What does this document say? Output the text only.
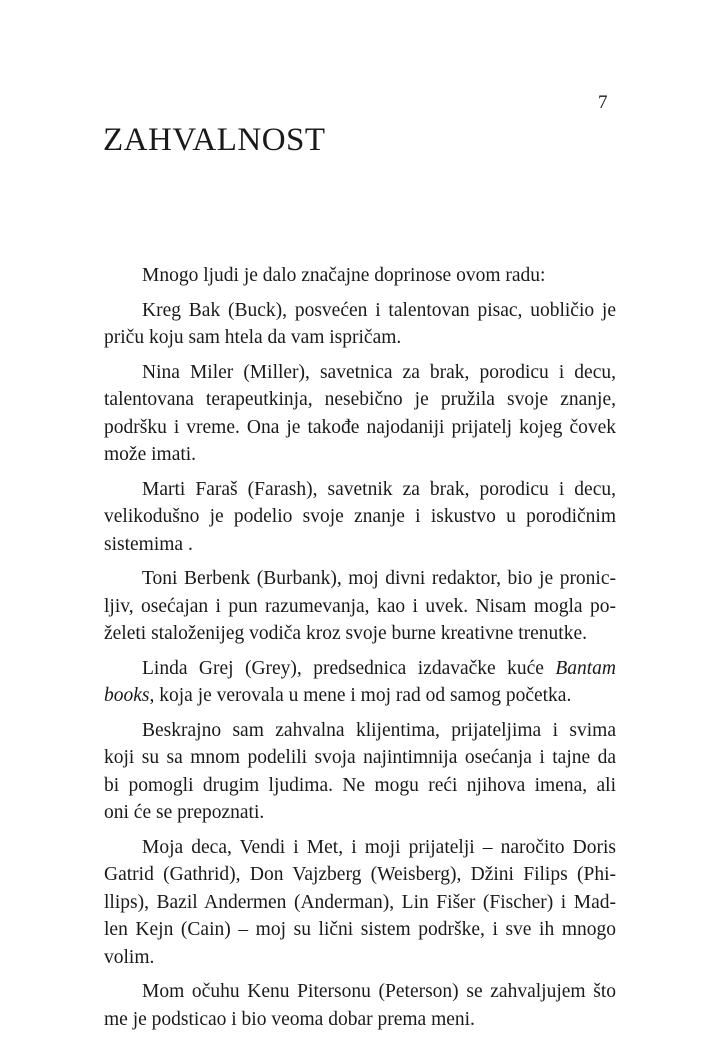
7
ZAHVALNOST

Mnogo ljudi je dalo značajne doprinose ovom radu:

Kreg Bak (Buck), posvećen i talentovan pisac, uobličio je
priču koju sam htela da vam ispričam.

Nina Miler (Miller), savetnica za brak, porodicu i decu,
talentovana terapeutkinja, nesebično je pružila svoje znanje,
podršku i vreme. Ona je takođe najodaniji prijatelj kojeg čovek
može imati.

Marti Faraš (Farash), savetnik za brak, porodicu i decu,
velikodušno je podelio svoje znanje i iskustvo u porodičnim
sistemima .

Toni Berbenk (Burbank), moj divni redaktor, bio je pronic-
ljiv, osećajan i pun razumevanja, kao i uvek. Nisam mogla po-
želeti staloženijeg vodiča kroz svoje burne kreativne trenutke.

Linda Grej (Grey), predsednica izdavačke kuće Bantam
books, koja je verovala u mene i moj rad od samog početka.

Beskrajno sam zahvalna klijentima, prijateljima i svima
koji su sa mnom podelili svoja najintimnija osećanja i tajne da
bi pomogli drugim ljudima. Ne mogu reći njihova imena, ali
oni će se prepoznati.

Moja deca, Vendi i Met, i moji prijatelji – naročito Doris
Gatrid (Gathrid), Don Vajzberg (Weisberg), Džini Filips (Phi-
llips), Bazil Andermen (Anderman), Lin Fišer (Fischer) i Mad-
len Kejn (Cain) – moj su lični sistem podrške, i sve ih mnogo
volim.

Mom očuhu Kenu Pitersonu (Peterson) se zahvaljujem što
me je podsticao i bio veoma dobar prema meni.
